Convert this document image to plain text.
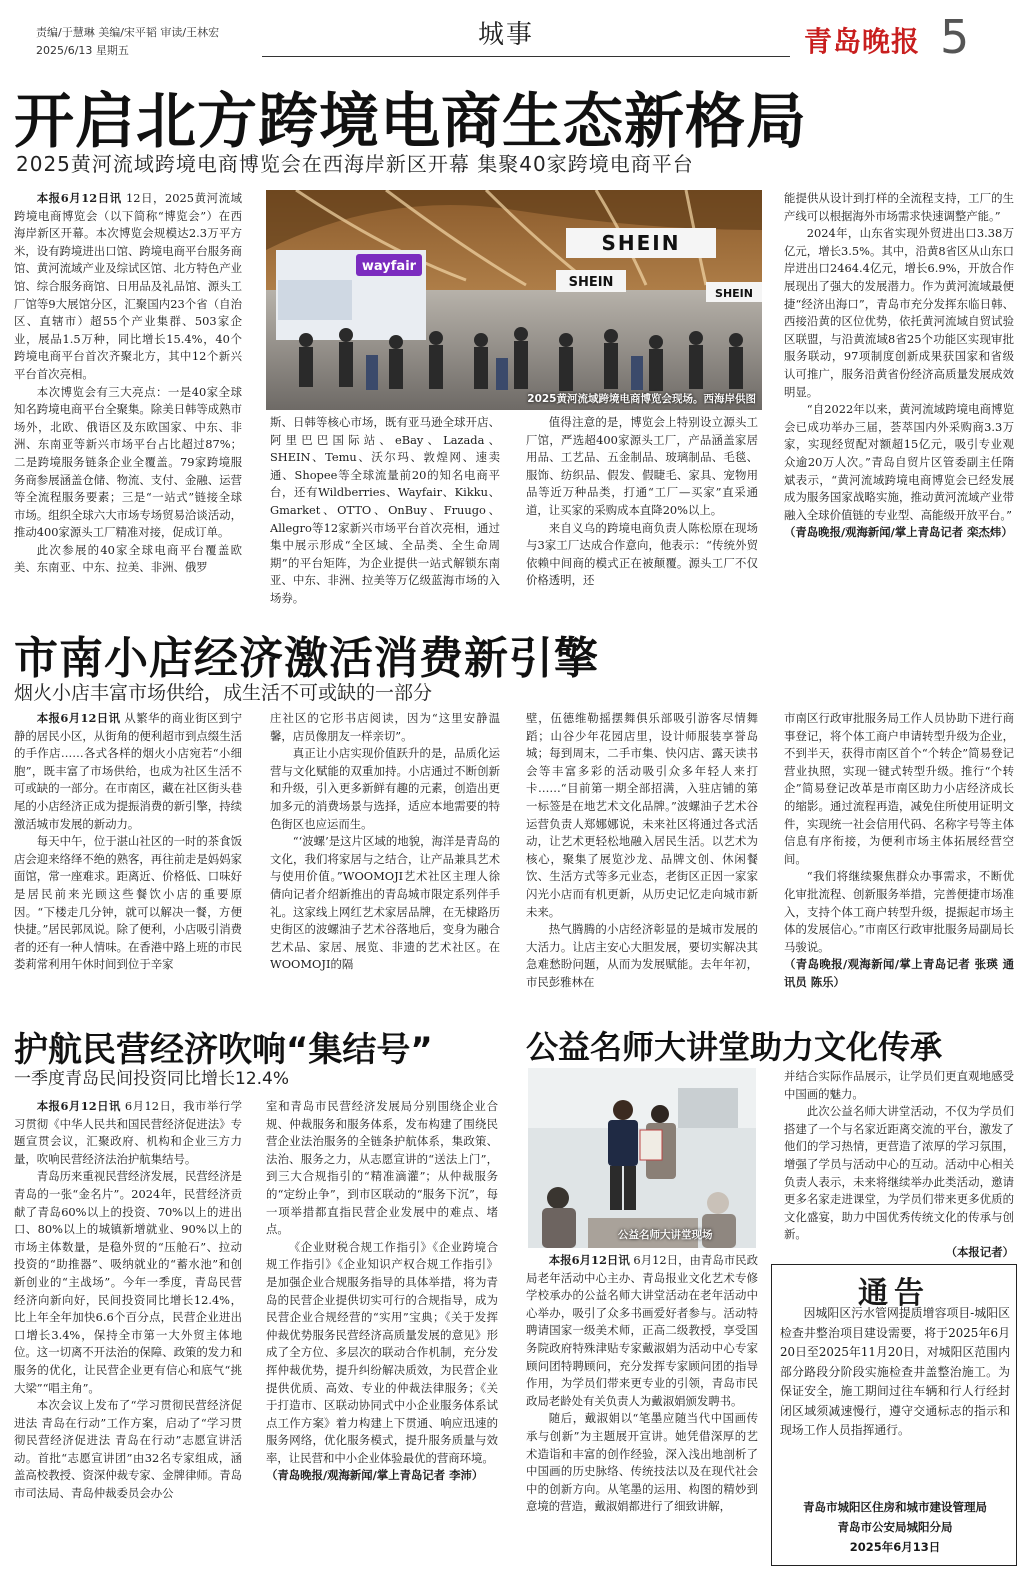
责编/于慧琳 美编/宋平韬 审读/王林宏
2025/6/13 星期五
城事	青岛晚报 5
开启北方跨境电商生态新格局
2025黄河流域跨境电商博览会在西海岸新区开幕 集聚40家跨境电商平台
wayfair
SHEIN
SHEIN
SHEIN
2025黄河流域跨境电商博览会现场。西海岸供图

本报6月12日讯 12日，2025黄河流域跨境电商博览会（以下简称“博览会”）在西海岸新区开幕。本次博览会规模达2.3万平方米，设有跨境进出口馆、跨境电商平台服务商馆、黄河流域产业及综试区馆、北方特色产业馆、综合服务商馆、日用品及礼品馆、源头工厂馆等9大展馆分区，汇聚国内23个省（自治区、直辖市）超55个产业集群、503家企业，展品1.5万种，同比增长15.4%，40个跨境电商平台首次齐聚北方，其中12个新兴平台首次亮相。

本次博览会有三大亮点：一是40家全球知名跨境电商平台全聚集。除美日韩等成熟市场外，北欧、俄语区及东欧国家、中东、非洲、东南亚等新兴市场平台占比超过87%；二是跨境服务链条企业全覆盖。79家跨境服务商参展涵盖仓储、物流、支付、金融、运营等全流程服务要素；三是“一站式”链接全球市场。组织全球六大市场专场贸易洽谈活动，推动400家源头工厂精准对接，促成订单。

此次参展的40家全球电商平台覆盖欧美、东南亚、中东、拉美、非洲、俄罗

斯、日韩等核心市场，既有亚马逊全球开店、阿里巴巴国际站、eBay、Lazada、SHEIN、Temu、沃尔玛、敦煌网、速卖通、Shopee等全球流量前20的知名电商平台，还有Wildberries、Wayfair、Kikku、Gmarket、OTTO、OnBuy、Fruugo、Allegro等12家新兴市场平台首次亮相，通过集中展示形成“全区域、全品类、全生命周期”的平台矩阵，为企业提供一站式解锁东南亚、中东、非洲、拉美等万亿级蓝海市场的入场券。

值得注意的是，博览会上特别设立源头工厂馆，严选超400家源头工厂，产品涵盖家居用品、工艺品、五金制品、玻璃制品、毛毯、服饰、纺织品、假发、假睫毛、家具、宠物用品等近万种品类，打通“工厂—买家”直采通道，让买家的采购成本直降20%以上。

来自义乌的跨境电商负责人陈松原在现场与3家工厂达成合作意向，他表示：“传统外贸依赖中间商的模式正在被颠覆。源头工厂不仅价格透明，还

能提供从设计到打样的全流程支持，工厂的生产线可以根据海外市场需求快速调整产能。”

2024年，山东省实现外贸进出口3.38万亿元，增长3.5%。其中，沿黄8省区从山东口岸进出口2464.4亿元，增长6.9%，开放合作展现出了强大的发展潜力。作为黄河流域最便捷“经济出海口”，青岛市充分发挥东临日韩、西接沿黄的区位优势，依托黄河流域自贸试验区联盟，与沿黄流域8省25个功能区实现审批服务联动，97项制度创新成果获国家和省级认可推广，服务沿黄省份经济高质量发展成效明显。

“自2022年以来，黄河流域跨境电商博览会已成功举办三届，荟萃国内外采购商3.3万家，实现经贸配对额超15亿元，吸引专业观众逾20万人次。”青岛自贸片区管委副主任隋斌表示，“黄河流域跨境电商博览会已经发展成为服务国家战略实施，推动黄河流域产业带融入全球价值链的专业型、高能级开放平台。”

（青岛晚报/观海新闻/掌上青岛记者 栾杰炜）

市南小店经济激活消费新引擎
烟火小店丰富市场供给，成生活不可或缺的一部分

本报6月12日讯 从繁华的商业街区到宁静的居民小区，从街角的便利超市到点缀生活的手作店……各式各样的烟火小店宛若“小细胞”，既丰富了市场供给，也成为社区生活不可或缺的一部分。在市南区，藏在社区街头巷尾的小店经济正成为提振消费的新引擎，持续激活城市发展的新动力。

每天中午，位于湛山社区的一时的茶食饭店会迎来络绎不绝的熟客，再往前走是妈妈家面馆，常一座难求。距离近、价格低、口味好是居民前来光顾这些餐饮小店的重要原因。“下楼走几分钟，就可以解决一餐，方便快捷。”居民郭凤说。除了便利，小店吸引消费者的还有一种人情味。在香港中路上班的市民娄莉常利用午休时间到位于辛家

庄社区的它形书店阅读，因为“这里安静温馨，店员像朋友一样亲切”。

真正让小店实现价值跃升的是，品质化运营与文化赋能的双重加持。小店通过不断创新和升级，引入更多新鲜有趣的元素，创造出更加多元的消费场景与选择，适应本地需要的特色街区也应运而生。

“‘波螺’是这片区域的地貌，海洋是青岛的文化，我们将家居与之结合，让产品兼具艺术与使用价值。”WOOMOJI艺术社区主理人徐倩向记者介绍新推出的青岛城市限定系列伴手礼。这家线上网红艺术家居品牌，在无棣路历史街区的波螺油子艺术谷落地后，变身为融合艺术品、家居、展览、非遗的艺术社区。在WOOMOJI的隔

壁，伍德维勒摇摆舞俱乐部吸引游客尽情舞蹈；山谷少年花园店里，设计师服装享誉岛城；每到周末，二手市集、快闪店、露天读书会等丰富多彩的活动吸引众多年轻人来打卡……“目前第一期全部招满，入驻店铺的第一标签是在地艺术文化品牌。”波螺油子艺术谷运营负责人郑娜娜说，未来社区将通过各式活动，让艺术更轻松地融入居民生活。以艺术为核心，聚集了展览沙龙、品牌文创、休闲餐饮、生活方式等多元业态，老街区正因一家家闪光小店而有机更新，从历史记忆走向城市新未来。

热气腾腾的小店经济彰显的是城市发展的大活力。让店主安心大胆发展，要切实解决其急难愁盼问题，从而为发展赋能。去年年初，市民彭雅林在

市南区行政审批服务局工作人员协助下进行商事登记，将个体工商户申请转型升级为企业，不到半天，获得市南区首个“个转企”简易登记营业执照，实现一键式转型升级。推行“个转企”简易登记改革是市南区助力小店经济成长的缩影。通过流程再造，减免住所使用证明文件，实现统一社会信用代码、名称字号等主体信息有序衔接，为便利市场主体拓展经营空间。

“我们将继续聚焦群众办事需求，不断优化审批流程、创新服务举措，完善便捷市场准入，支持个体工商户转型升级，提振起市场主体的发展信心。”市南区行政审批服务局副局长马骏说。

（青岛晚报/观海新闻/掌上青岛记者 张瑛 通讯员 陈乐）

护航民营经济吹响“集结号”
一季度青岛民间投资同比增长12.4%

本报6月12日讯 6月12日，我市举行学习贯彻《中华人民共和国民营经济促进法》专题宣贯会议，汇聚政府、机构和企业三方力量，吹响民营经济法治护航集结号。

青岛历来重视民营经济发展，民营经济是青岛的一张“金名片”。2024年，民营经济贡献了青岛60%以上的投资、70%以上的进出口、80%以上的城镇新增就业、90%以上的市场主体数量，是稳外贸的“压舱石”、拉动投资的“助推器”、吸纳就业的“蓄水池”和创新创业的“主战场”。今年一季度，青岛民营经济向新向好，民间投资同比增长12.4%，比上年全年加快6.6个百分点，民营企业进出口增长3.4%，保持全市第一大外贸主体地位。这一切离不开法治的保障、政策的发力和服务的优化，让民营企业更有信心和底气“挑大梁”“唱主角”。

本次会议上发布了“学习贯彻民营经济促进法 青岛在行动”工作方案，启动了“学习贯彻民营经济促进法 青岛在行动”志愿宣讲活动。首批“志愿宣讲团”由32名专家组成，涵盖高校教授、资深仲裁专家、金牌律师。青岛市司法局、青岛仲裁委员会办公

室和青岛市民营经济发展局分别围绕企业合规、仲裁服务和服务体系，发布构建了围绕民营企业法治服务的全链条护航体系，集政策、法治、服务之力，从志愿宣讲的“送法上门”，到三大合规指引的“精准滴灌”；从仲裁服务的“定纷止争”，到市区联动的“服务下沉”，每一项举措都直指民营企业发展中的难点、堵点。

《企业财税合规工作指引》《企业跨境合规工作指引》《企业知识产权合规工作指引》是加强企业合规服务指导的具体举措，将为青岛的民营企业提供切实可行的合规指导，成为民营企业合规经营的“实用”宝典；《关于发挥仲裁优势服务民营经济高质量发展的意见》形成了全方位、多层次的联动合作机制，充分发挥仲裁优势，提升纠纷解决质效，为民营企业提供优质、高效、专业的仲裁法律服务；《关于打造市、区联动协同式中小企业服务体系试点工作方案》着力构建上下贯通、响应迅速的服务网络，优化服务模式，提升服务质量与效率，让民营和中小企业体验最优的营商环境。

（青岛晚报/观海新闻/掌上青岛记者 李沛）

公益名师大讲堂助力文化传承
公益名师大讲堂现场

本报6月12日讯 6月12日，由青岛市民政局老年活动中心主办、青岛报业文化艺术专修学校承办的公益名师大讲堂活动在老年活动中心举办，吸引了众多书画爱好者参与。活动特聘请国家一级美术师，正高二级教授，享受国务院政府特殊津贴专家戴淑娟为活动中心专家顾问团特聘顾问，充分发挥专家顾问团的指导作用，为学员们带来更专业的引领，青岛市民政局老龄处有关负责人为戴淑娟颁发聘书。

随后，戴淑娟以“笔墨应随当代中国画传承与创新”为主题展开宣讲。她凭借深厚的艺术造诣和丰富的创作经验，深入浅出地剖析了中国画的历史脉络、传统技法以及在现代社会中的创新方向。从笔墨的运用、构图的精妙到意境的营造，戴淑娟都进行了细致讲解，

并结合实际作品展示，让学员们更直观地感受中国画的魅力。

此次公益名师大讲堂活动，不仅为学员们搭建了一个与名家近距离交流的平台，激发了他们的学习热情，更营造了浓厚的学习氛围，增强了学员与活动中心的互动。活动中心相关负责人表示，未来将继续举办此类活动，邀请更多名家走进课堂，为学员们带来更多优质的文化盛宴，助力中国优秀传统文化的传承与创新。

（本报记者）

通告

因城阳区污水管网提质增容项目-城阳区检查井整治项目建设需要，将于2025年6月20日至2025年11月20日，对城阳区范围内部分路段分阶段实施检查井盖整治施工。为保证安全，施工期间过往车辆和行人行经封闭区域须减速慢行，遵守交通标志的指示和现场工作人员指挥通行。

青岛市城阳区住房和城市建设管理局
青岛市公安局城阳分局
2025年6月13日
